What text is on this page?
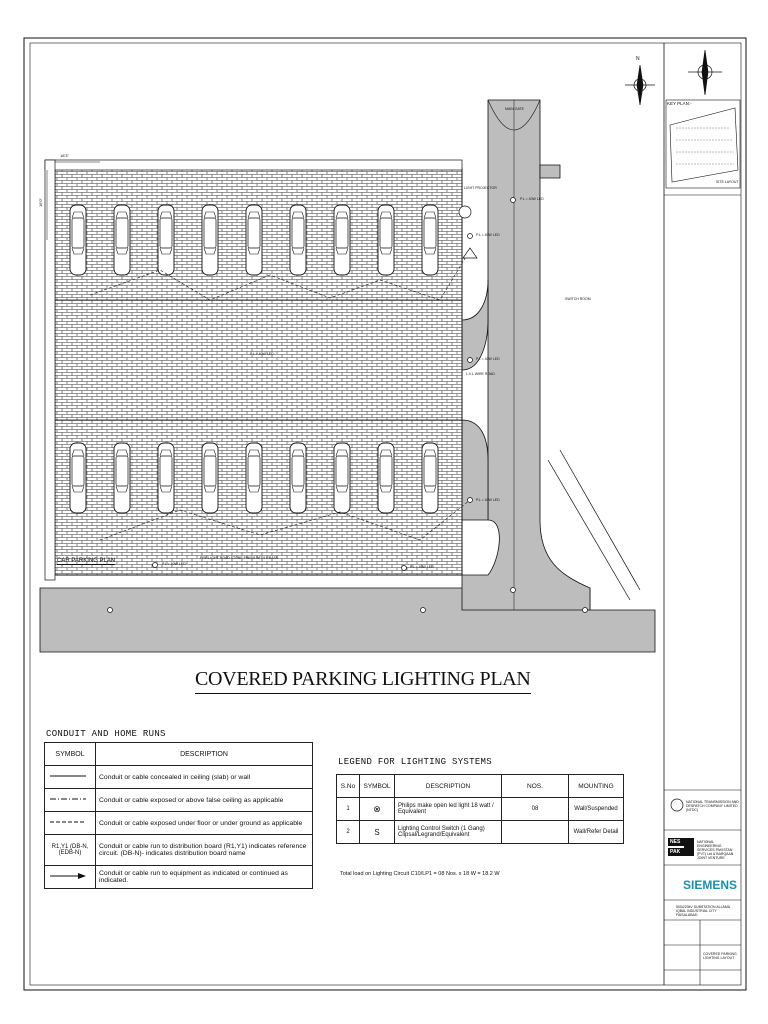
18'3"
16'0"
MAIN GATE
LIGHT PROJECTOR
P.L = 40W LED
P.L = 40W LED
SWITCH ROOM
P.L = 40W LED
L.V.L WIRE ROAD
P.L = 40W LED
P.L = 40W LED
P.L = 40W LED
P.L = 40W LED
PRE-LIGHT ROAD STONE FINISH WITH GRASS
CAR PARKING PLAN
COVERED PARKING LIGHTING PLAN
CONDUIT AND HOME RUNS
SYMBOL	DESCRIPTION
	Conduit or cable concealed in ceiling (slab) or wall
	Conduit or cable exposed or above false ceiling as applicable
	Conduit or cable exposed under floor or under ground as applicable
R1,Y1 (DB-N,(EDB-N)	Conduit or cable run to distribution board (R1,Y1) indicates reference circuit. (DB-N)- indicates distribution board name
	Conduit or cable run to equipment as indicated or continued as indicated.
LEGEND FOR LIGHTING SYSTEMS
S.No	SYMBOL	DESCRIPTION	NOS.	MOUNTING
1	⊗	Philips make open led light 18 watt / Equivalent	08	Wall/Suspended
2	S	Lighting Control Switch (1 Gang) Clipsal/Legrand/Equivalent		Wall/Refer Detail
Total load on Lighting Circuit C10/LP1 = 08 Nos. x 18 W = 18.2 W
KEY PLAN:-
SITE LAYOUT
N
NATIONAL TRANSMISSION AND DESPATCH COMPANY LIMITED (NTDC)
NES
PAK
NATIONAL ENGINEERING SERVICES PAKISTAN (PVT) Ltd & BARQAAB JOINT VENTURE
SIEMENS
500/220kV SUBSTATION ALLAMA IQBAL INDUSTRIAL CITY FAISALABAD
COVERED PARKING LIGHTING LAYOUT
